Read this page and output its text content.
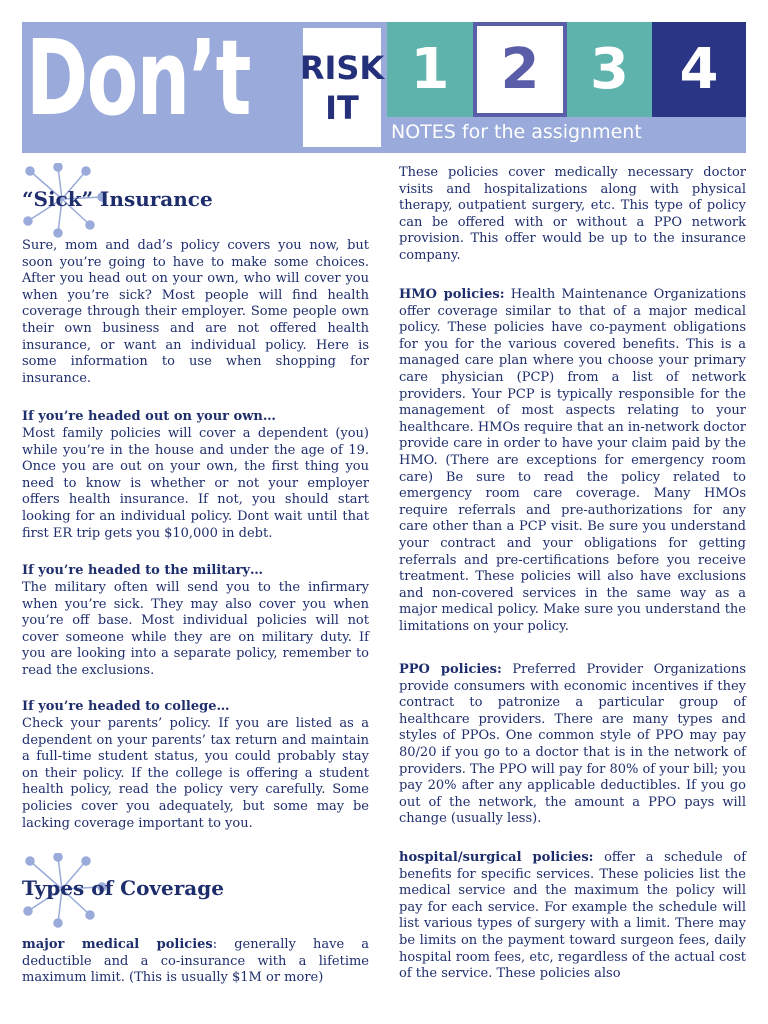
Don’t RISK
IT
1 2 3 4
NOTES for the assignment
“Sick” Insurance

Sure, mom and dad’s policy covers you now, but soon you’re going to have to make some choices. After you head out on your own, who will cover you when you’re sick? Most people will find health coverage through their employer. Some people own their own business and are not offered health insurance, or want an individual policy. Here is some information to use when shopping for insurance.

If you’re headed out on your own…

Most family policies will cover a dependent (you) while you’re in the house and under the age of 19. Once you are out on your own, the first thing you need to know is whether or not your employer offers health insurance. If not, you should start looking for an individual policy. Dont wait until that first ER trip gets you $10,000 in debt.

If you’re headed to the military…

The military often will send you to the infirmary when you’re sick. They may also cover you when you’re off base. Most individual policies will not cover someone while they are on military duty. If you are looking into a separate policy, remember to read the exclusions.

If you’re headed to college…

Check your parents’ policy. If you are listed as a dependent on your parents’ tax return and maintain a full-time student status, you could probably stay on their policy. If the college is offering a student health policy, read the policy very carefully. Some policies cover you adequately, but some may be lacking coverage important to you.

Types of Coverage

major medical policies: generally have a deductible and a co-insurance with a lifetime maximum limit. (This is usually $1M or more)

These policies cover medically necessary doctor visits and hospitalizations along with physical therapy, outpatient surgery, etc. This type of policy can be offered with or without a PPO network provision. This offer would be up to the insurance company.

HMO policies: Health Maintenance Organizations offer coverage similar to that of a major medical policy. These policies have co-payment obligations for you for the various covered benefits. This is a managed care plan where you choose your primary care physician (PCP) from a list of network providers. Your PCP is typically responsible for the management of most aspects relating to your healthcare. HMOs require that an in-network doctor provide care in order to have your claim paid by the HMO. (There are exceptions for emergency room care) Be sure to read the policy related to emergency room care coverage. Many HMOs require referrals and pre-authorizations for any care other than a PCP visit. Be sure you understand your contract and your obligations for getting referrals and pre-certifications before you receive treatment. These policies will also have exclusions and non-covered services in the same way as a major medical policy. Make sure you understand the limitations on your policy.

PPO policies: Preferred Provider Organizations provide consumers with economic incentives if they contract to patronize a particular group of healthcare providers. There are many types and styles of PPOs. One common style of PPO may pay 80/20 if you go to a doctor that is in the network of providers. The PPO will pay for 80% of your bill; you pay 20% after any applicable deductibles. If you go out of the network, the amount a PPO pays will change (usually less).

hospital/surgical policies: offer a schedule of benefits for specific services. These policies list the medical service and the maximum the policy will pay for each service. For example the schedule will list various types of surgery with a limit. There may be limits on the payment toward surgeon fees, daily hospital room fees, etc, regardless of the actual cost of the service. These policies also
